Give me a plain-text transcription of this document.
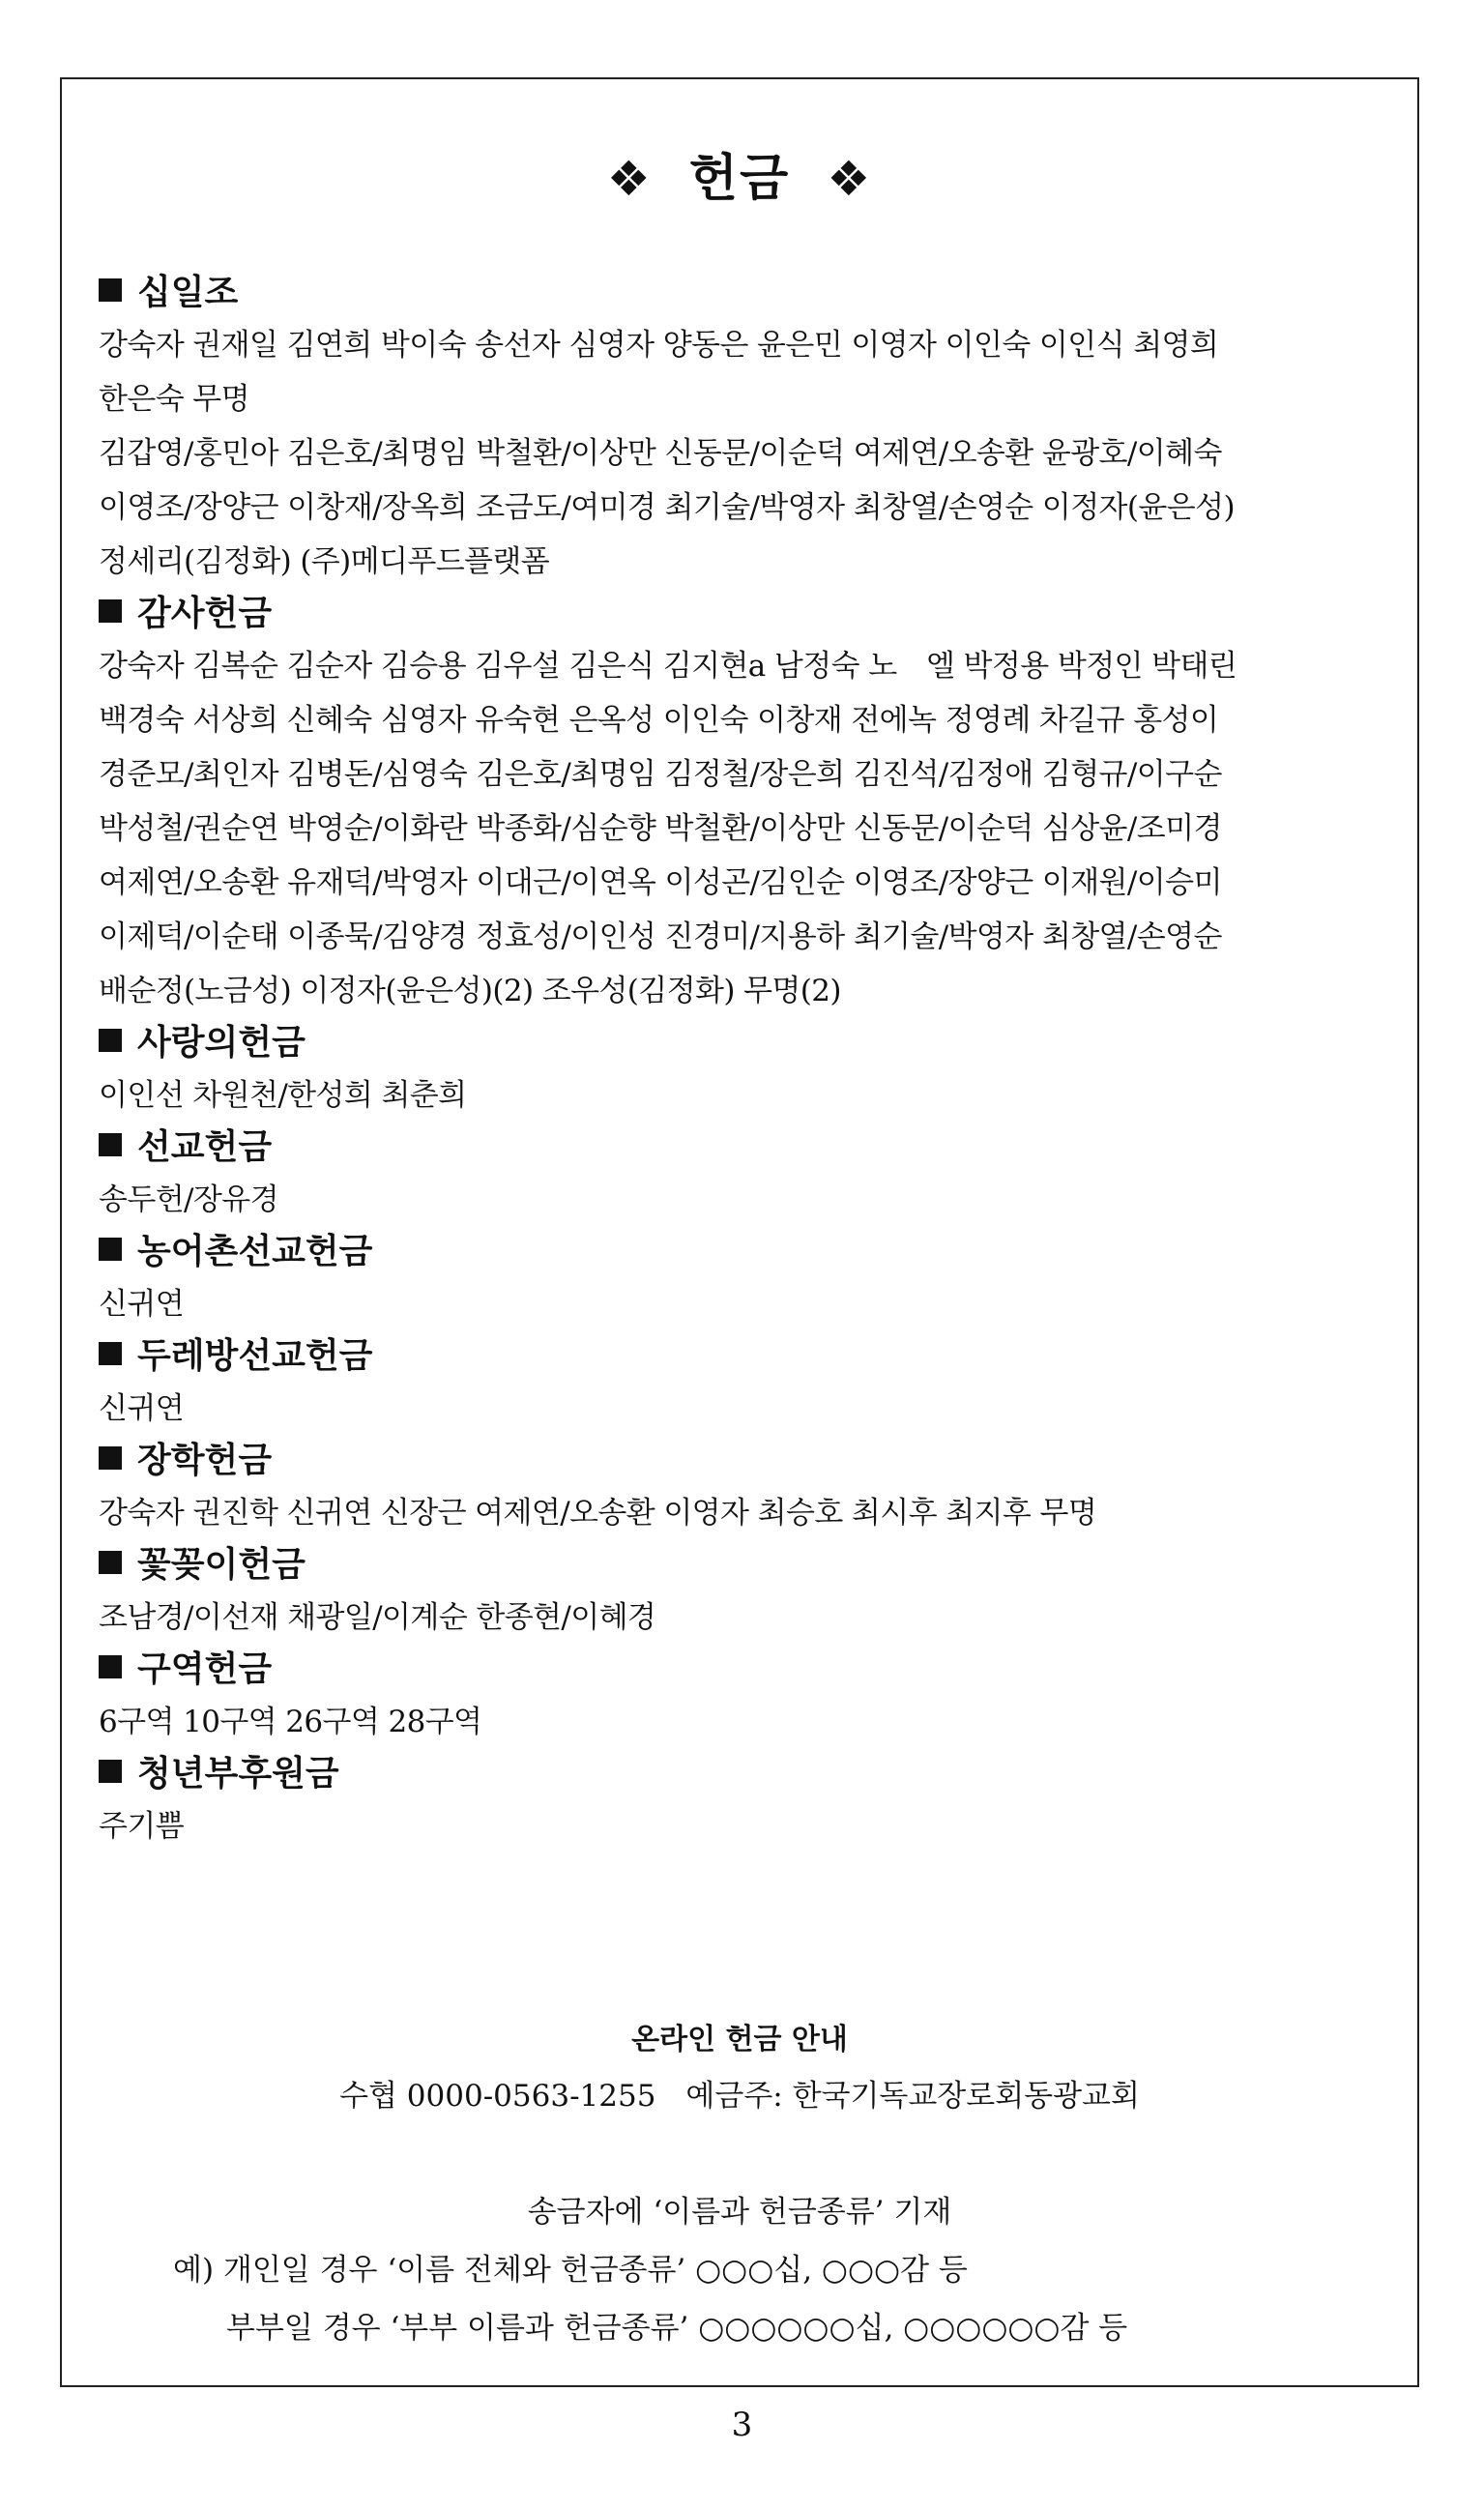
❖ 헌금 ❖
십일조
강숙자 권재일 김연희 박이숙 송선자 심영자 양동은 윤은민 이영자 이인숙 이인식 최영희
한은숙 무명
김갑영/홍민아 김은호/최명임 박철환/이상만 신동문/이순덕 여제연/오송환 윤광호/이혜숙
이영조/장양근 이창재/장옥희 조금도/여미경 최기술/박영자 최창열/손영순 이정자(윤은성)
정세리(김정화) (주)메디푸드플랫폼
감사헌금
강숙자 김복순 김순자 김승용 김우설 김은식 김지현a 남정숙 노　엘 박정용 박정인 박태린
백경숙 서상희 신혜숙 심영자 유숙현 은옥성 이인숙 이창재 전에녹 정영례 차길규 홍성이
경준모/최인자 김병돈/심영숙 김은호/최명임 김정철/장은희 김진석/김정애 김형규/이구순
박성철/권순연 박영순/이화란 박종화/심순향 박철환/이상만 신동문/이순덕 심상윤/조미경
여제연/오송환 유재덕/박영자 이대근/이연옥 이성곤/김인순 이영조/장양근 이재원/이승미
이제덕/이순태 이종묵/김양경 정효성/이인성 진경미/지용하 최기술/박영자 최창열/손영순
배순정(노금성) 이정자(윤은성)(2) 조우성(김정화) 무명(2)
사랑의헌금
이인선 차원천/한성희 최춘희
선교헌금
송두헌/장유경
농어촌선교헌금
신귀연
두레방선교헌금
신귀연
장학헌금
강숙자 권진학 신귀연 신장근 여제연/오송환 이영자 최승호 최시후 최지후 무명
꽃꽂이헌금
조남경/이선재 채광일/이계순 한종현/이혜경
구역헌금
6구역 10구역 26구역 28구역
청년부후원금
주기쁨
온라인 헌금 안내
수협 0000-0563-1255　예금주: 한국기독교장로회동광교회
송금자에 ‘이름과 헌금종류’ 기재
예) 개인일 경우 ‘이름 전체와 헌금종류’ ○○○십, ○○○감 등
부부일 경우 ‘부부 이름과 헌금종류’ ○○○○○○십, ○○○○○○감 등
3
